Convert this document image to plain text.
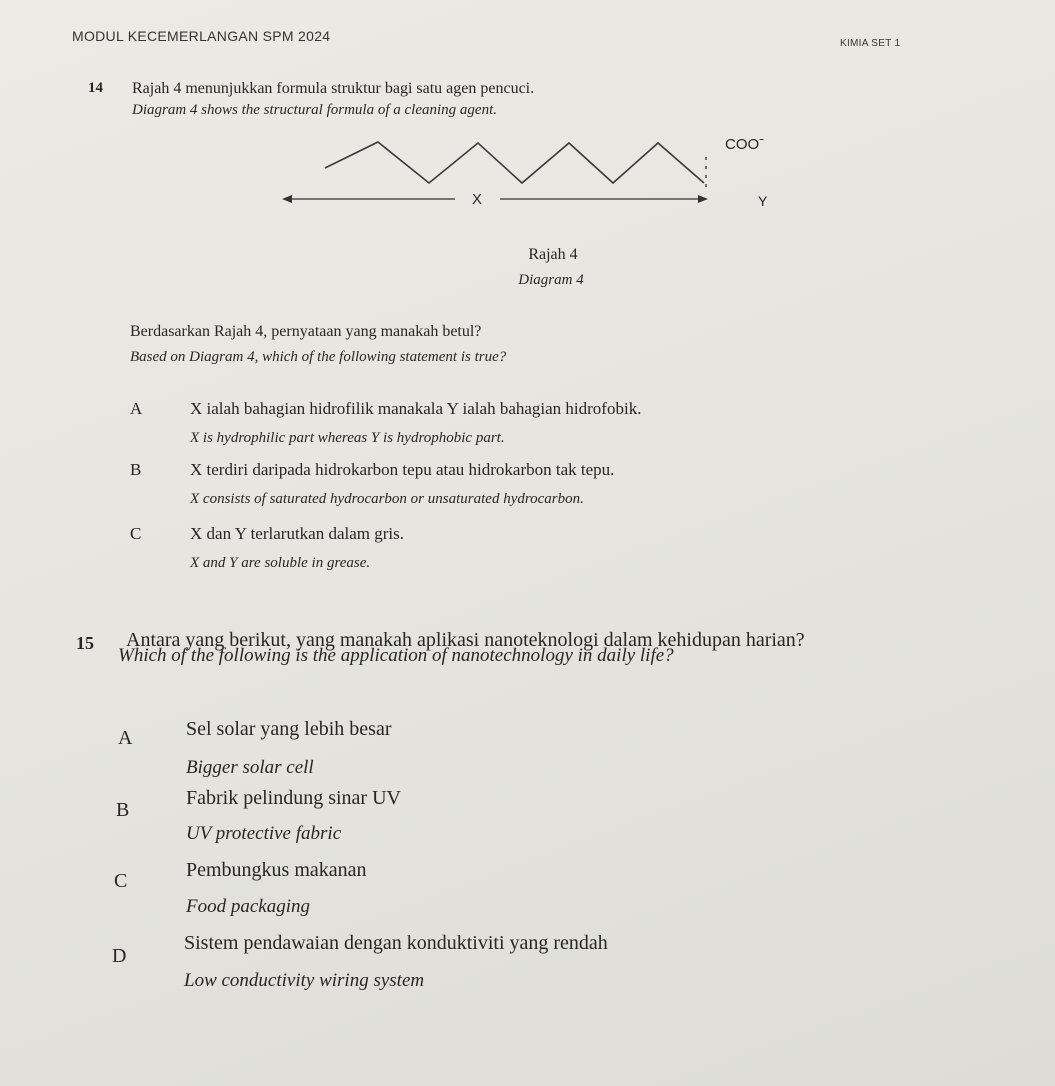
MODUL KECEMERLANGAN SPM 2024	KIMIA SET 1
14 Rajah 4 menunjukkan formula struktur bagi satu agen pencuci.
Diagram 4 shows the structural formula of a cleaning agent.
COOˉ
X	Y
Rajah 4
Diagram 4
Berdasarkan Rajah 4, pernyataan yang manakah betul?
Based on Diagram 4, which of the following statement is true?
A	X ialah bahagian hidrofilik manakala Y ialah bahagian hidrofobik.
X is hydrophilic part whereas Y is hydrophobic part.
B	X terdiri daripada hidrokarbon tepu atau hidrokarbon tak tepu.
X consists of saturated hydrocarbon or unsaturated hydrocarbon.
C	X dan Y terlarutkan dalam gris.
X and Y are soluble in grease.
15 Antara yang berikut, yang manakah aplikasi nanoteknologi dalam kehidupan harian?
Which of the following is the application of nanotechnology in daily life?
A	Sel solar yang lebih besar
Bigger solar cell
B
Fabrik pelindung sinar UV
UV protective fabric
C	Pembungkus makanan
Food packaging
D
Sistem pendawaian dengan konduktiviti yang rendah
Low conductivity wiring system
